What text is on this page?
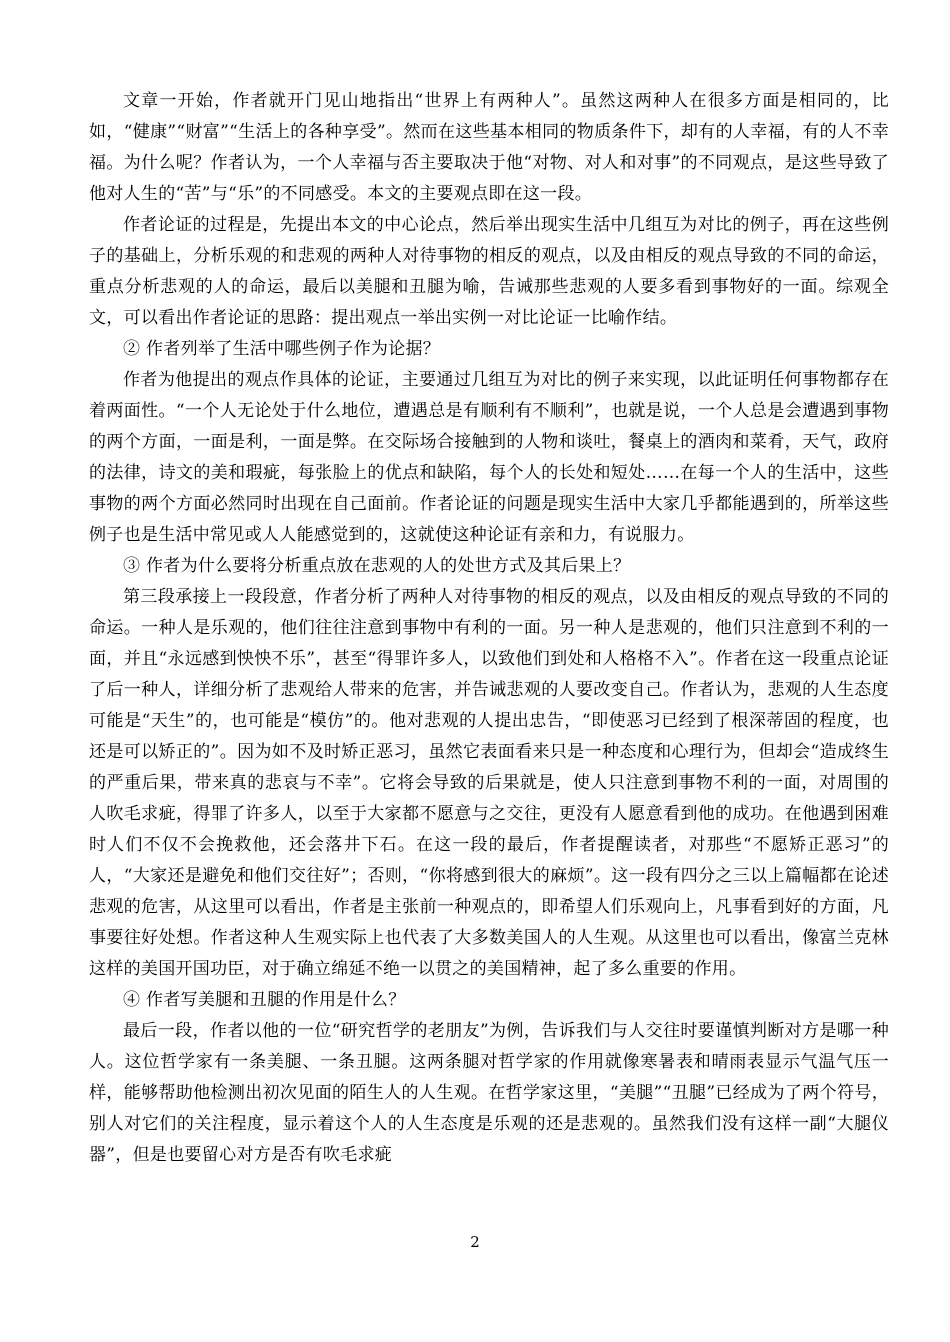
文章一开始，作者就开门见山地指出“世界上有两种人”。虽然这两种人在很多方面是相同的，比如，“健康”“财富”“生活上的各种享受”。然而在这些基本相同的物质条件下，却有的人幸福，有的人不幸福。为什么呢？作者认为，一个人幸福与否主要取决于他“对物、对人和对事”的不同观点，是这些导致了他对人生的“苦”与“乐”的不同感受。本文的主要观点即在这一段。

作者论证的过程是，先提出本文的中心论点，然后举出现实生活中几组互为对比的例子，再在这些例子的基础上，分析乐观的和悲观的两种人对待事物的相反的观点，以及由相反的观点导致的不同的命运，重点分析悲观的人的命运，最后以美腿和丑腿为喻，告诫那些悲观的人要多看到事物好的一面。综观全文，可以看出作者论证的思路：提出观点一举出实例一对比论证一比喻作结。

② 作者列举了生活中哪些例子作为论据？

作者为他提出的观点作具体的论证，主要通过几组互为对比的例子来实现，以此证明任何事物都存在着两面性。“一个人无论处于什么地位，遭遇总是有顺利有不顺利”，也就是说，一个人总是会遭遇到事物的两个方面，一面是利，一面是弊。在交际场合接触到的人物和谈吐，餐桌上的酒肉和菜肴，天气，政府的法律，诗文的美和瑕疵，每张脸上的优点和缺陷，每个人的长处和短处……在每一个人的生活中，这些事物的两个方面必然同时出现在自己面前。作者论证的问题是现实生活中大家几乎都能遇到的，所举这些例子也是生活中常见或人人能感觉到的，这就使这种论证有亲和力，有说服力。

③ 作者为什么要将分析重点放在悲观的人的处世方式及其后果上？

第三段承接上一段段意，作者分析了两种人对待事物的相反的观点，以及由相反的观点导致的不同的命运。一种人是乐观的，他们往往注意到事物中有利的一面。另一种人是悲观的，他们只注意到不利的一面，并且“永远感到怏怏不乐”，甚至“得罪许多人，以致他们到处和人格格不入”。作者在这一段重点论证了后一种人，详细分析了悲观给人带来的危害，并告诫悲观的人要改变自己。作者认为，悲观的人生态度可能是“天生”的，也可能是“模仿”的。他对悲观的人提出忠告，“即使恶习已经到了根深蒂固的程度，也还是可以矫正的”。因为如不及时矫正恶习，虽然它表面看来只是一种态度和心理行为，但却会“造成终生的严重后果，带来真的悲哀与不幸”。它将会导致的后果就是，使人只注意到事物不利的一面，对周围的人吹毛求疵，得罪了许多人，以至于大家都不愿意与之交往，更没有人愿意看到他的成功。在他遇到困难时人们不仅不会挽救他，还会落井下石。在这一段的最后，作者提醒读者，对那些“不愿矫正恶习”的人，“大家还是避免和他们交往好”；否则，“你将感到很大的麻烦”。这一段有四分之三以上篇幅都在论述悲观的危害，从这里可以看出，作者是主张前一种观点的，即希望人们乐观向上，凡事看到好的方面，凡事要往好处想。作者这种人生观实际上也代表了大多数美国人的人生观。从这里也可以看出，像富兰克林这样的美国开国功臣，对于确立绵延不绝一以贯之的美国精神，起了多么重要的作用。

④ 作者写美腿和丑腿的作用是什么？

最后一段，作者以他的一位“研究哲学的老朋友”为例，告诉我们与人交往时要谨慎判断对方是哪一种人。这位哲学家有一条美腿、一条丑腿。这两条腿对哲学家的作用就像寒暑表和晴雨表显示气温气压一样，能够帮助他检测出初次见面的陌生人的人生观。在哲学家这里，“美腿”“丑腿”已经成为了两个符号，别人对它们的关注程度，显示着这个人的人生态度是乐观的还是悲观的。虽然我们没有这样一副“大腿仪器”，但是也要留心对方是否有吹毛求疵

2
